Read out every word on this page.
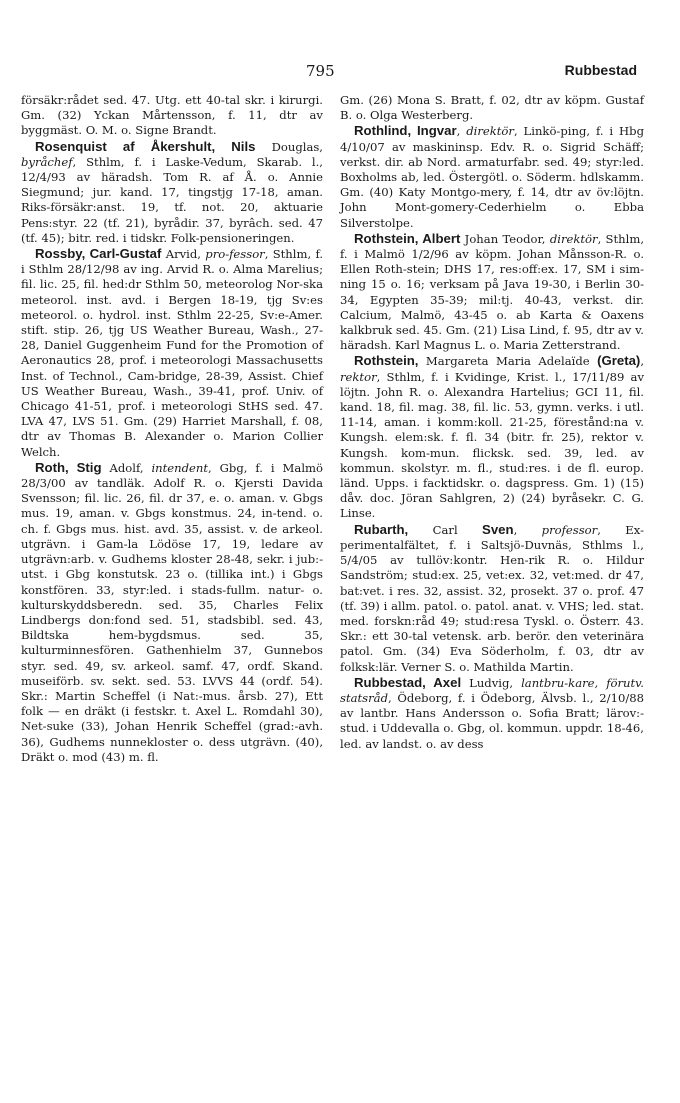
795	Rubbestad

försäkr:rådet sed. 47. Utg. ett 40-tal skr. i kirurgi. Gm. (32) Yckan Mårtensson, f. 11, dtr av byggmäst. O. M. o. Signe Brandt.

Rosenquist af Åkershult, Nils Douglas, byråchef, Sthlm, f. i Laske-Vedum, Skarab. l., 12/4/93 av häradsh. Tom R. af Å. o. Annie Siegmund; jur. kand. 17, tingstjg 17-18, aman. Riks-försäkr:anst. 19, tf. not. 20, aktuarie Pens:styr. 22 (tf. 21), byrådir. 37, byrâch. sed. 47 (tf. 45); bitr. red. i tidskr. Folk-pensioneringen.

Rossby, Carl-Gustaf Arvid, pro-fessor, Sthlm, f. i Sthlm 28/12/98 av ing. Arvid R. o. Alma Marelius; fil. lic. 25, fil. hed:dr Sthlm 50, meteorolog Nor-ska meteorol. inst. avd. i Bergen 18-19, tjg Sv:es meteorol. o. hydrol. inst. Sthlm 22-25, Sv:e-Amer. stift. stip. 26, tjg US Weather Bureau, Wash., 27-28, Daniel Guggenheim Fund for the Promotion of Aeronautics 28, prof. i meteorologi Massachusetts Inst. of Technol., Cam-bridge, 28-39, Assist. Chief US Weather Bureau, Wash., 39-41, prof. Univ. of Chicago 41-51, prof. i meteorologi StHS sed. 47. LVA 47, LVS 51. Gm. (29) Harriet Marshall, f. 08, dtr av Thomas B. Alexander o. Marion Collier Welch.

Roth, Stig Adolf, intendent, Gbg, f. i Malmö 28/3/00 av tandläk. Adolf R. o. Kjersti Davida Svensson; fil. lic. 26, fil. dr 37, e. o. aman. v. Gbgs mus. 19, aman. v. Gbgs konstmus. 24, in-tend. o. ch. f. Gbgs mus. hist. avd. 35, assist. v. de arkeol. utgrävn. i Gam-la Lödöse 17, 19, ledare av utgrävn:arb. v. Gudhems kloster 28-48, sekr. i jub:-utst. i Gbg konstutsk. 23 o. (tillika int.) i Gbgs konstfören. 33, styr:led. i stads-fullm. natur- o. kulturskyddsberedn. sed. 35, Charles Felix Lindbergs don:fond sed. 51, stadsbibl. sed. 43, Bildtska hem-bygdsmus. sed. 35, kulturminnesfören. Gathenhielm 37, Gunnebos styr. sed. 49, sv. arkeol. samf. 47, ordf. Skand. museiförb. sv. sekt. sed. 53. LVVS 44 (ordf. 54). Skr.: Martin Scheffel (i Nat:-mus. årsb. 27), Ett folk — en dräkt (i festskr. t. Axel L. Romdahl 30), Net-suke (33), Johan Henrik Scheffel (grad:-avh. 36), Gudhems nunnekloster o. dess utgrävn. (40), Dräkt o. mod (43) m. fl.

Gm. (26) Mona S. Bratt, f. 02, dtr av köpm. Gustaf B. o. Olga Westerberg.

Rothlind, Ingvar, direktör, Linkö-ping, f. i Hbg 4/10/07 av maskininsp. Edv. R. o. Sigrid Schäff; verkst. dir. ab Nord. armaturfabr. sed. 49; styr:led. Boxholms ab, led. Östergötl. o. Söderm. hdlskamm. Gm. (40) Katy Montgo-mery, f. 14, dtr av öv:löjtn. John Mont-gomery-Cederhielm o. Ebba Silverstolpe.

Rothstein, Albert Johan Teodor, direktör, Sthlm, f. i Malmö 1/2/96 av köpm. Johan Månsson-R. o. Ellen Roth-stein; DHS 17, res:off:ex. 17, SM i sim-ning 15 o. 16; verksam på Java 19-30, i Berlin 30-34, Egypten 35-39; mil:tj. 40-43, verkst. dir. Calcium, Malmö, 43-45 o. ab Karta & Oaxens kalkbruk sed. 45. Gm. (21) Lisa Lind, f. 95, dtr av v. häradsh. Karl Magnus L. o. Maria Zetterstrand.

Rothstein, Margareta Maria Adelaïde (Greta), rektor, Sthlm, f. i Kvidinge, Krist. l., 17/11/89 av löjtn. John R. o. Alexandra Hartelius; GCI 11, fil. kand. 18, fil. mag. 38, fil. lic. 53, gymn. verks. i utl. 11-14, aman. i komm:koll. 21-25, förestånd:na v. Kungsh. elem:sk. f. fl. 34 (bitr. fr. 25), rektor v. Kungsh. kom-mun. flicksk. sed. 39, led. av kommun. skolstyr. m. fl., stud:res. i de fl. europ. länd. Upps. i facktidskr. o. dagspress. Gm. 1) (15) dåv. doc. Jöran Sahlgren, 2) (24) byråsekr. C. G. Linse.

Rubarth, Carl Sven, professor, Ex-perimentalfältet, f. i Saltsjö-Duvnäs, Sthlms l., 5/4/05 av tullöv:kontr. Hen-rik R. o. Hildur Sandström; stud:ex. 25, vet:ex. 32, vet:med. dr 47, bat:vet. i res. 32, assist. 32, prosekt. 37 o. prof. 47 (tf. 39) i allm. patol. o. patol. anat. v. VHS; led. stat. med. forskn:råd 49; stud:resa Tyskl. o. Österr. 43. Skr.: ett 30-tal vetensk. arb. berör. den veterinära patol. Gm. (34) Eva Söderholm, f. 03, dtr av folksk:lär. Verner S. o. Mathilda Martin.

Rubbestad, Axel Ludvig, lantbru-kare, förutv. statsråd, Ödeborg, f. i Ödeborg, Älvsb. l., 2/10/88 av lantbr. Hans Andersson o. Sofia Bratt; lärov:-stud. i Uddevalla o. Gbg, ol. kommun. uppdr. 18-46, led. av landst. o. av dess
